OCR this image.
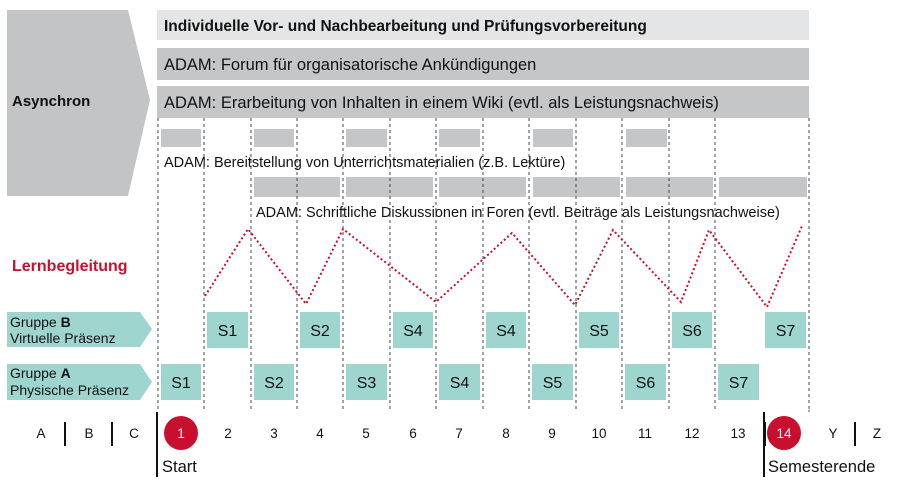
Asynchron
Individuelle Vor- und Nachbearbeitung und Prüfungsvorbereitung
ADAM: Forum für organisatorische Ankündigungen
ADAM: Erarbeitung von Inhalten in einem Wiki (evtl. als Leistungsnachweis)
ADAM: Bereitstellung von Unterrichtsmaterialien (z.B. Lektüre)
ADAM: Schriftliche Diskussionen in Foren (evtl. Beiträge als Leistungsnachweise)
Lernbegleitung
Gruppe B
Virtuelle Präsenz	S1	S2	S4	S4	S5	S6	S7
Gruppe A
Physische Präsenz	S1	S2	S3	S4	S5	S6	S7
A	B	C	1	2	3	4	5	6	7	8	9	10 11 12 13 14	Y	Z
Start	Semesterende
